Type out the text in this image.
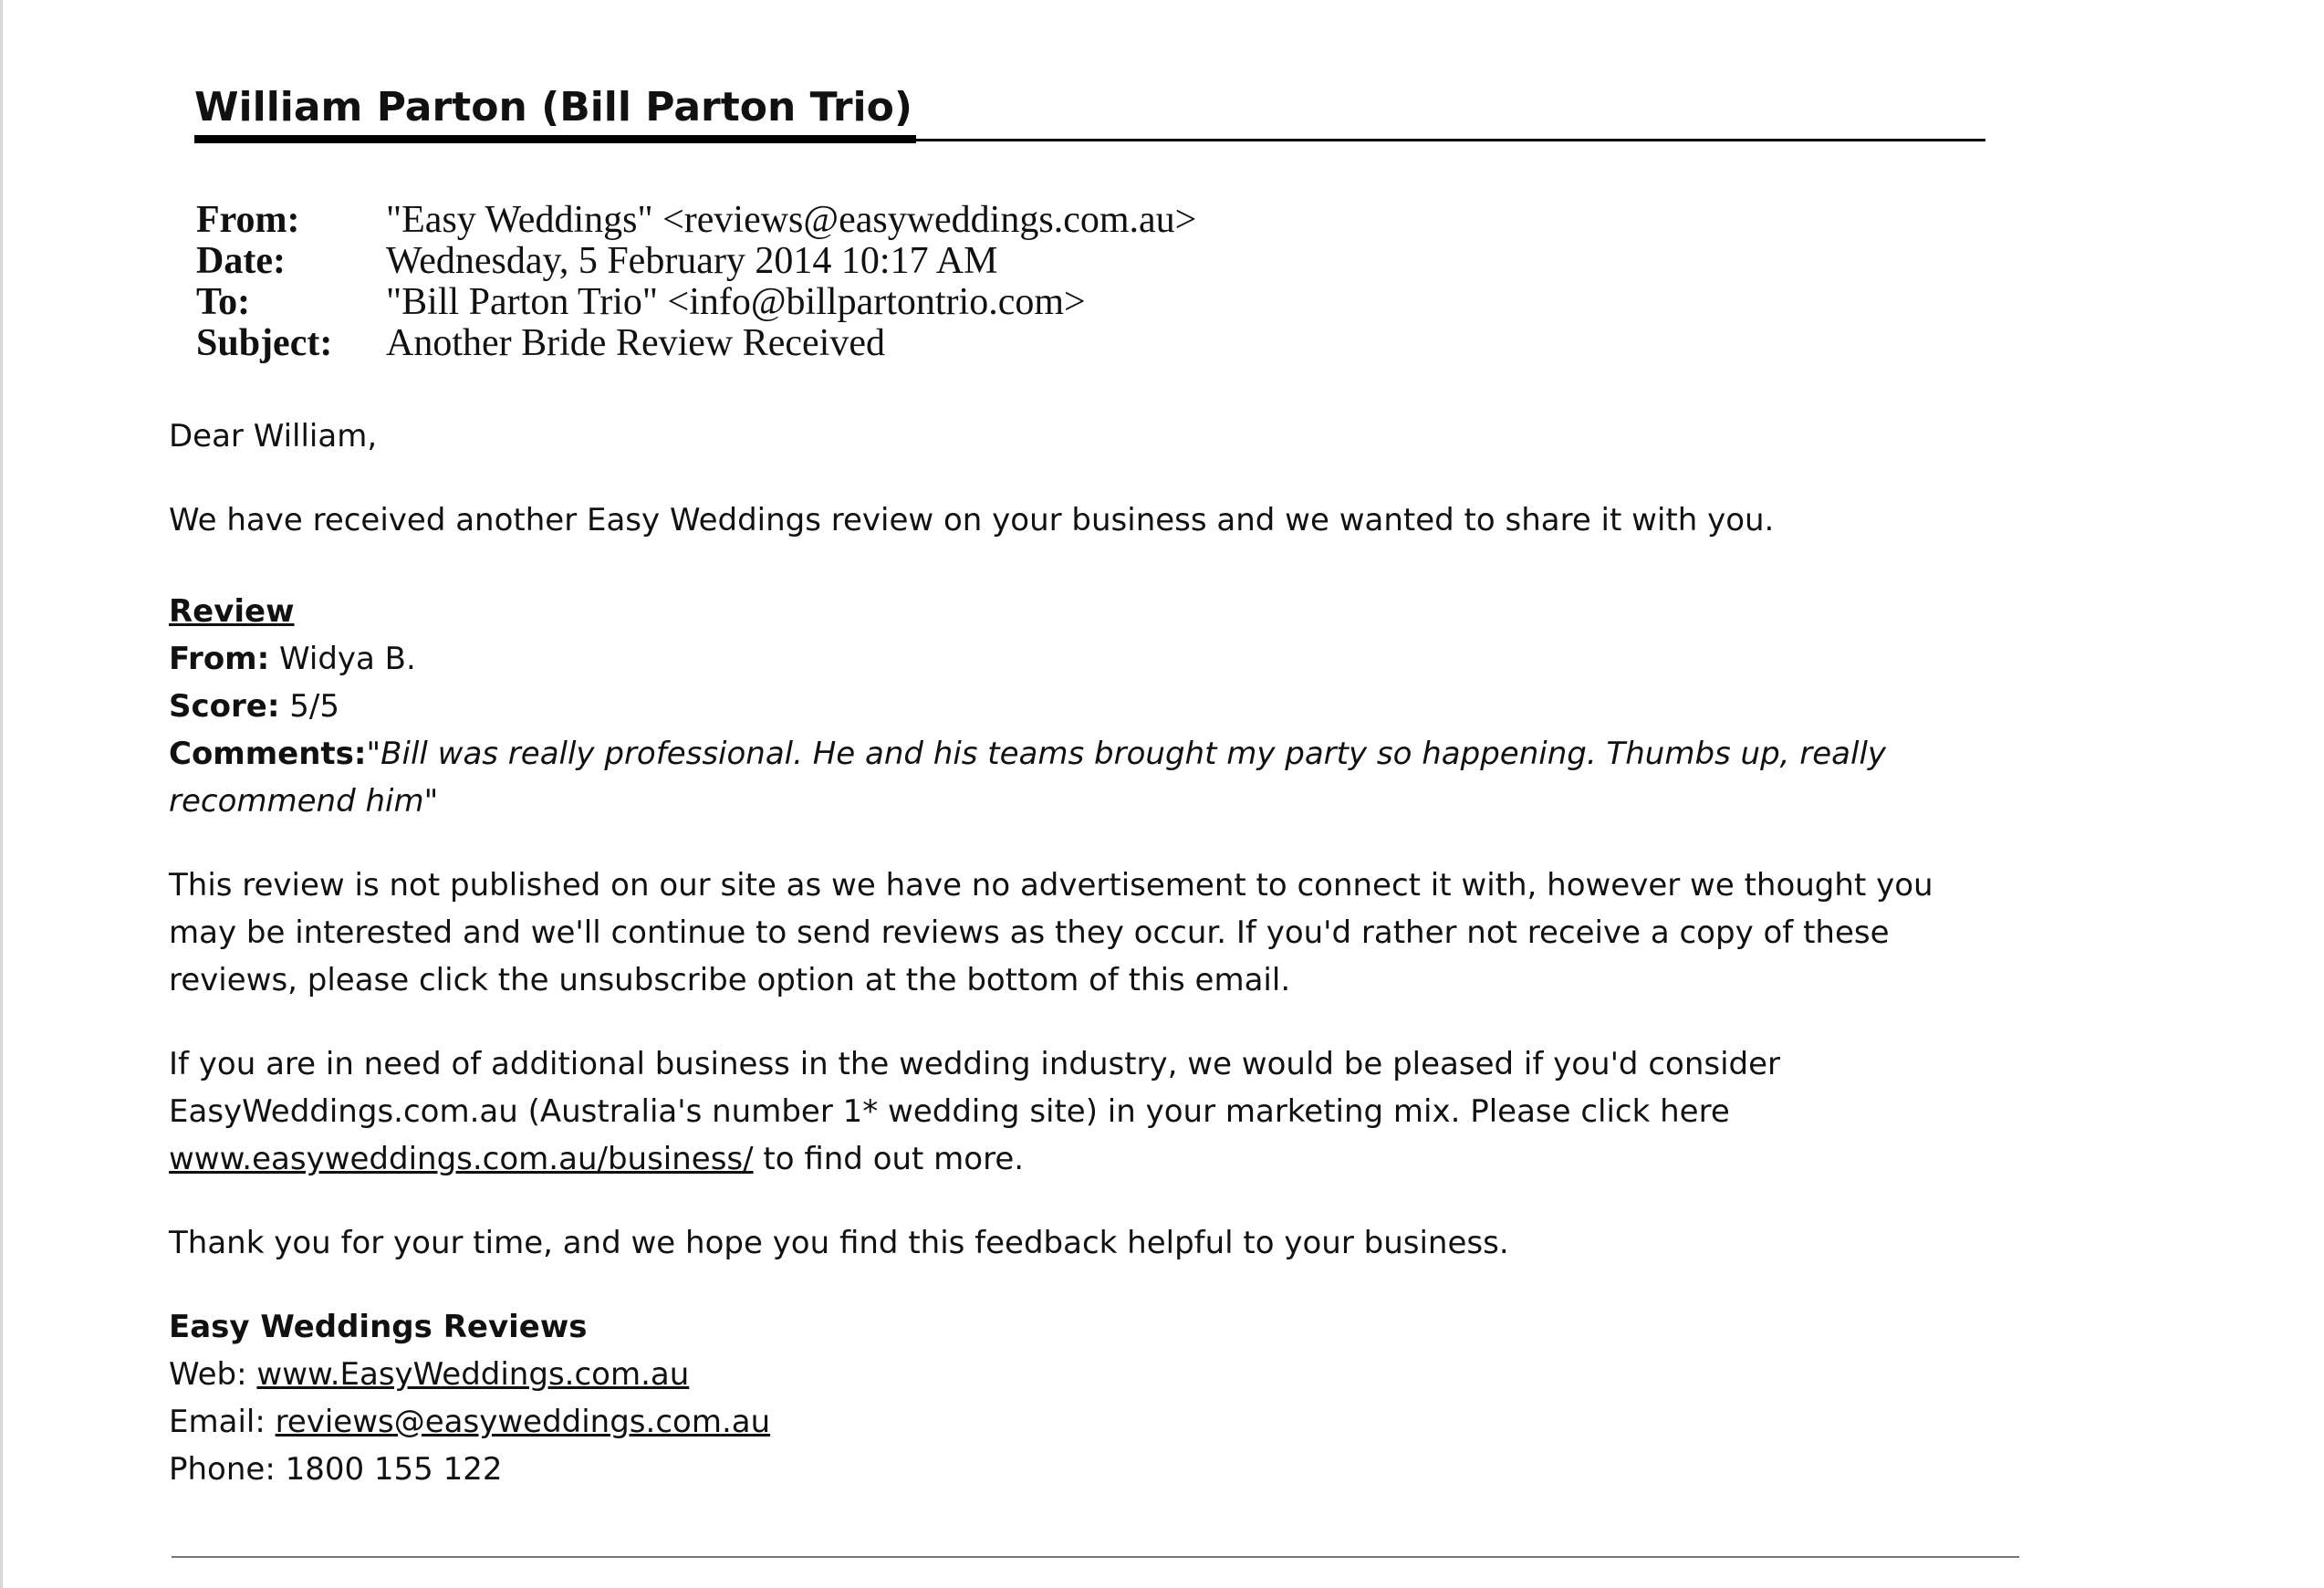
William Parton (Bill Parton Trio)
From:	"Easy Weddings" <reviews@easyweddings.com.au>
Date:	Wednesday, 5 February 2014 10:17 AM
To:	"Bill Parton Trio" <info@billpartontrio.com>
Subject:	Another Bride Review Received

Dear William,

We have received another Easy Weddings review on your business and we wanted to share it with you.

Review

From: Widya B.

Score: 5/5

Comments:"Bill was really professional. He and his teams brought my party so happening. Thumbs up, really recommend him"

This review is not published on our site as we have no advertisement to connect it with, however we thought you may be interested and we'll continue to send reviews as they occur. If you'd rather not receive a copy of these reviews, please click the unsubscribe option at the bottom of this email.

If you are in need of additional business in the wedding industry, we would be pleased if you'd consider EasyWeddings.com.au (Australia's number 1* wedding site) in your marketing mix. Please click here www.easyweddings.com.au/business/ to find out more.

Thank you for your time, and we hope you find this feedback helpful to your business.

Easy Weddings Reviews

Web: www.EasyWeddings.com.au

Email: reviews@easyweddings.com.au

Phone: 1800 155 122
